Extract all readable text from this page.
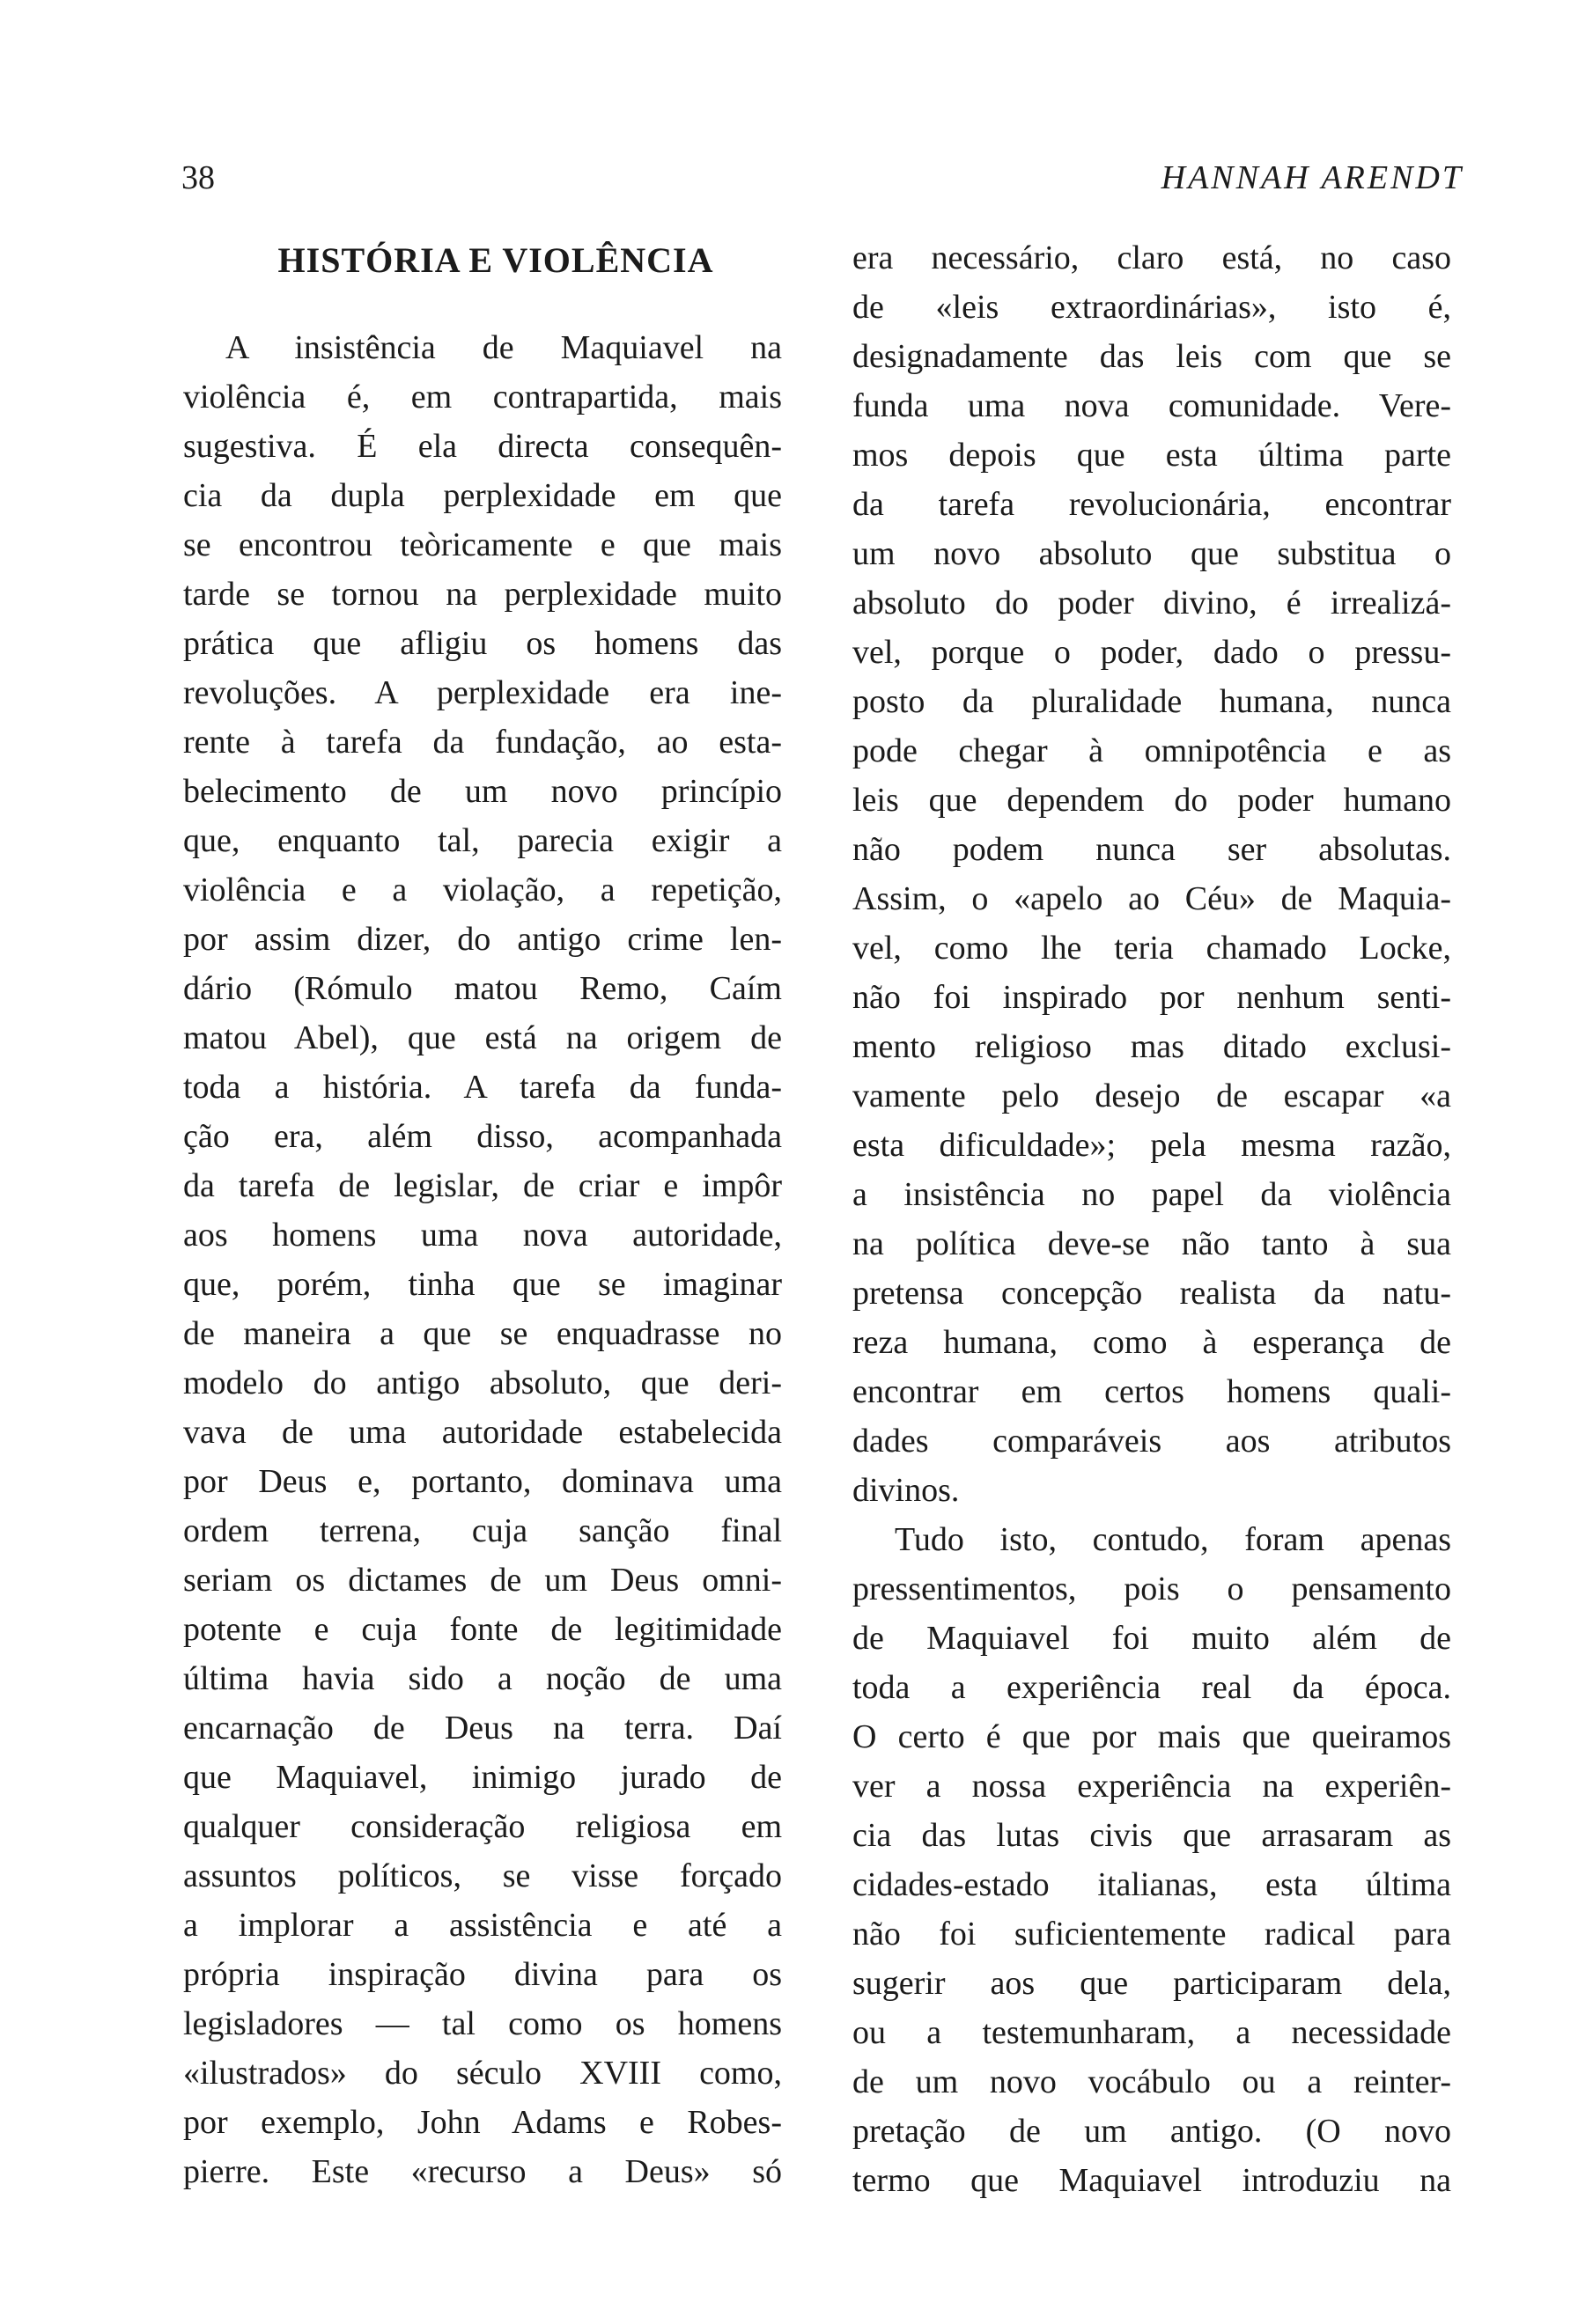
38	HANNAH ARENDT
HISTÓRIA E VIOLÊNCIA
A insistência de Maquiavel na
violência é, em contrapartida, mais
sugestiva. É ela directa consequên-
cia da dupla perplexidade em que
se encontrou teòricamente e que mais
tarde se tornou na perplexidade muito
prática que afligiu os homens das
revoluções. A perplexidade era ine-
rente à tarefa da fundação, ao esta-
belecimento de um novo princípio
que, enquanto tal, parecia exigir a
violência e a violação, a repetição,
por assim dizer, do antigo crime len-
dário (Rómulo matou Remo, Caím
matou Abel), que está na origem de
toda a história. A tarefa da funda-
ção era, além disso, acompanhada
da tarefa de legislar, de criar e impôr
aos homens uma nova autoridade,
que, porém, tinha que se imaginar
de maneira a que se enquadrasse no
modelo do antigo absoluto, que deri-
vava de uma autoridade estabelecida
por Deus e, portanto, dominava uma
ordem terrena, cuja sanção final
seriam os dictames de um Deus omni-
potente e cuja fonte de legitimidade
última havia sido a noção de uma
encarnação de Deus na terra. Daí
que Maquiavel, inimigo jurado de
qualquer consideração religiosa em
assuntos políticos, se visse forçado
a implorar a assistência e até a
própria inspiração divina para os
legisladores — tal como os homens
«ilustrados» do século XVIII como,
por exemplo, John Adams e Robes-
pierre. Este «recurso a Deus» só
era necessário, claro está, no caso
de «leis extraordinárias», isto é,
designadamente das leis com que se
funda uma nova comunidade. Vere-
mos depois que esta última parte
da tarefa revolucionária, encontrar
um novo absoluto que substitua o
absoluto do poder divino, é irrealizá-
vel, porque o poder, dado o pressu-
posto da pluralidade humana, nunca
pode chegar à omnipotência e as
leis que dependem do poder humano
não podem nunca ser absolutas.
Assim, o «apelo ao Céu» de Maquia-
vel, como lhe teria chamado Locke,
não foi inspirado por nenhum senti-
mento religioso mas ditado exclusi-
vamente pelo desejo de escapar «a
esta dificuldade»; pela mesma razão,
a insistência no papel da violência
na política deve-se não tanto à sua
pretensa concepção realista da natu-
reza humana, como à esperança de
encontrar em certos homens quali-
dades comparáveis aos atributos
divinos.
Tudo isto, contudo, foram apenas
pressentimentos, pois o pensamento
de Maquiavel foi muito além de
toda a experiência real da época.
O certo é que por mais que queiramos
ver a nossa experiência na experiên-
cia das lutas civis que arrasaram as
cidades-estado italianas, esta última
não foi suficientemente radical para
sugerir aos que participaram dela,
ou a testemunharam, a necessidade
de um novo vocábulo ou a reinter-
pretação de um antigo. (O novo
termo que Maquiavel introduziu na
